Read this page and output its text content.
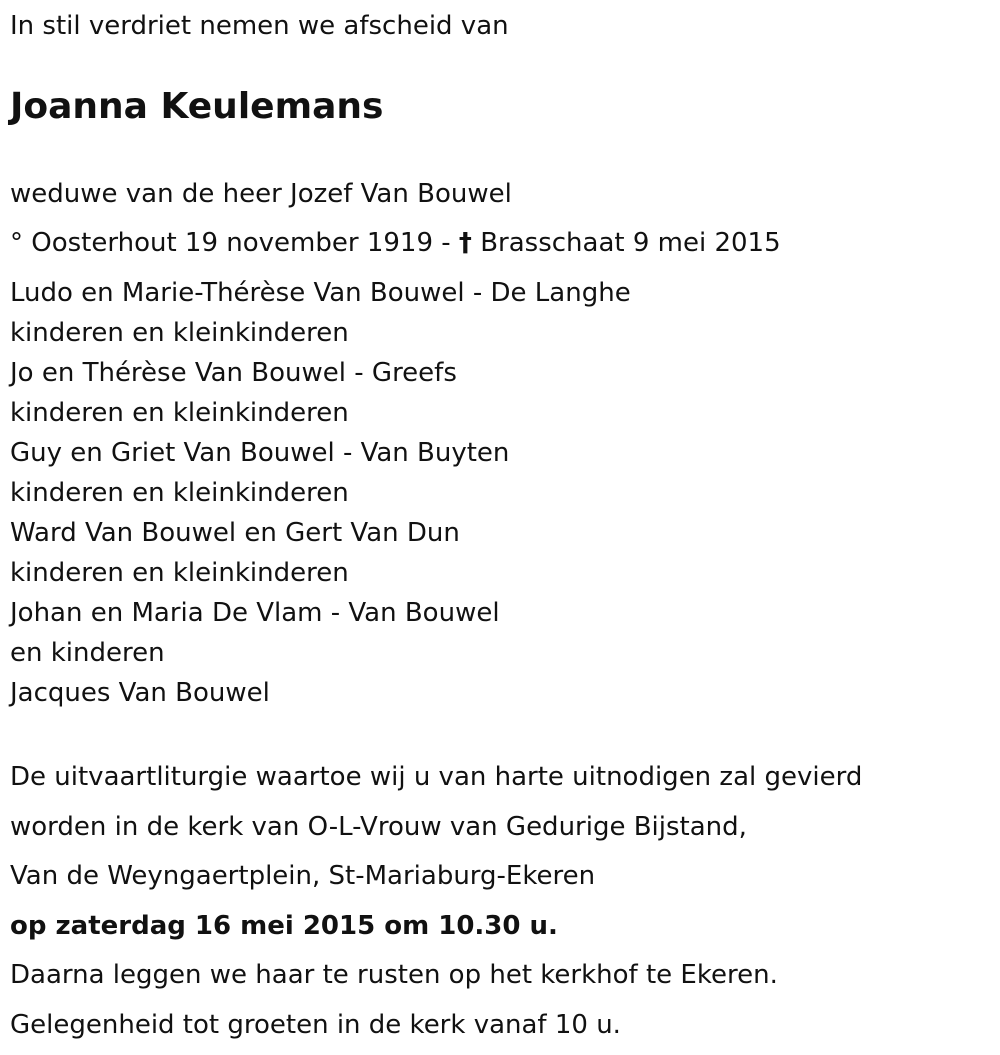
In stil verdriet nemen we afscheid van
Joanna Keulemans
weduwe van de heer Jozef Van Bouwel
° Oosterhout 19 november 1919 - † Brasschaat 9 mei 2015
Ludo en Marie-Thérèse Van Bouwel - De Langhe
kinderen en kleinkinderen
Jo en Thérèse Van Bouwel - Greefs
kinderen en kleinkinderen
Guy en Griet Van Bouwel - Van Buyten
kinderen en kleinkinderen
Ward Van Bouwel en Gert Van Dun
kinderen en kleinkinderen
Johan en Maria De Vlam - Van Bouwel
en kinderen
Jacques Van Bouwel
De uitvaartliturgie waartoe wij u van harte uitnodigen zal gevierd
worden in de kerk van O-L-Vrouw van Gedurige Bijstand,
Van de Weyngaertplein, St-Mariaburg-Ekeren
op zaterdag 16 mei 2015 om 10.30 u.
Daarna leggen we haar te rusten op het kerkhof te Ekeren.
Gelegenheid tot groeten in de kerk vanaf 10 u.
